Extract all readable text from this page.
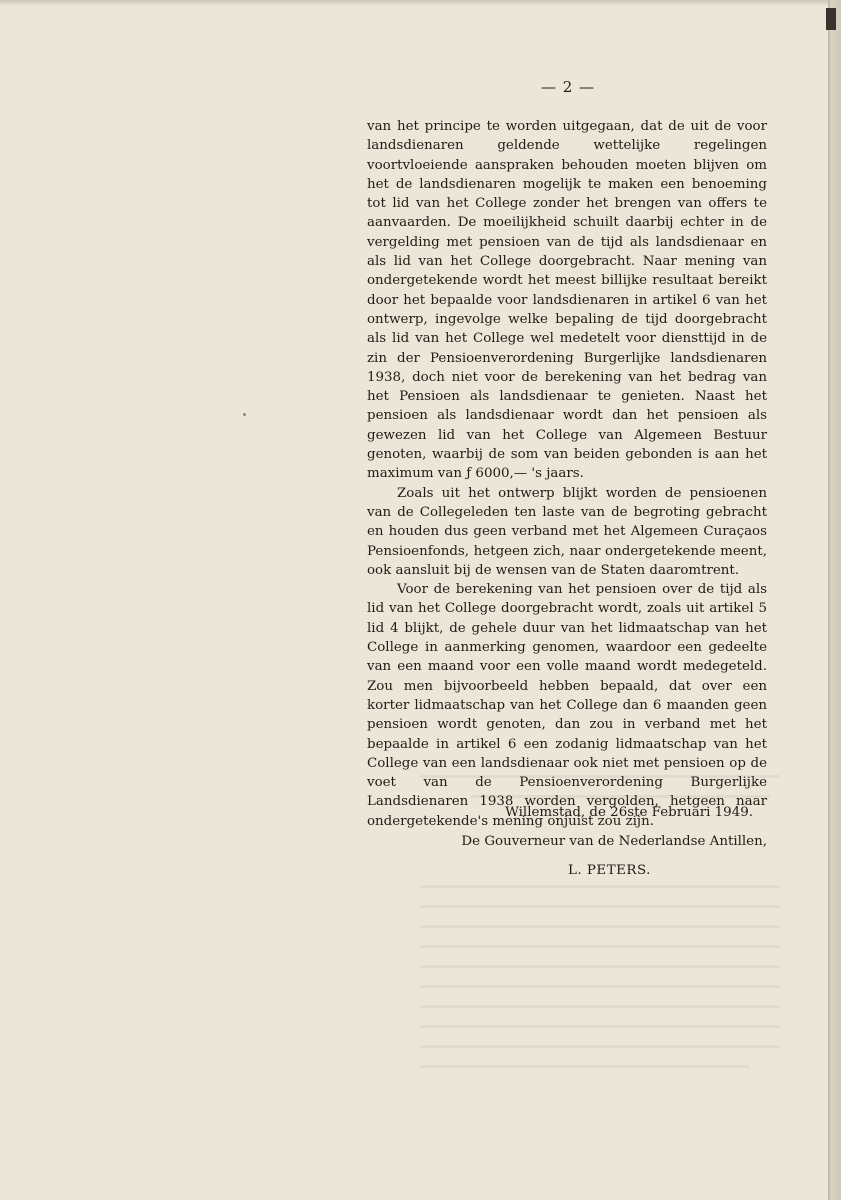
— 2 —

van het principe te worden uitgegaan, dat de uit de voor landsdienaren geldende wettelijke regelingen voortvloeiende aanspraken behouden moeten blijven om het de landsdienaren mogelijk te maken een benoeming tot lid van het College zonder het brengen van offers te aanvaarden. De moeilijkheid schuilt daarbij echter in de vergelding met pensioen van de tijd als landsdienaar en als lid van het College doorgebracht. Naar mening van ondergetekende wordt het meest billijke resultaat bereikt door het bepaalde voor landsdienaren in artikel 6 van het ontwerp, ingevolge welke bepaling de tijd doorgebracht als lid van het College wel medetelt voor diensttijd in de zin der Pensioenverordening Burgerlijke landsdienaren 1938, doch niet voor de berekening van het bedrag van het Pensioen als landsdienaar te genieten. Naast het pensioen als landsdienaar wordt dan het pensioen als gewezen lid van het College van Algemeen Bestuur genoten, waarbij de som van beiden gebonden is aan het maximum van ƒ 6000,— 's jaars.

Zoals uit het ontwerp blijkt worden de pensioenen van de Collegeleden ten laste van de begroting gebracht en houden dus geen verband met het Algemeen Curaçaos Pensioenfonds, hetgeen zich, naar ondergetekende meent, ook aansluit bij de wensen van de Staten daaromtrent.

Voor de berekening van het pensioen over de tijd als lid van het College doorgebracht wordt, zoals uit artikel 5 lid 4 blijkt, de gehele duur van het lidmaatschap van het College in aanmerking genomen, waardoor een gedeelte van een maand voor een volle maand wordt medegeteld. Zou men bijvoorbeeld hebben bepaald, dat over een korter lidmaatschap van het College dan 6 maanden geen pensioen wordt genoten, dan zou in verband met het bepaalde in artikel 6 een zodanig lidmaatschap van het College van een landsdienaar ook niet met pensioen op de voet van de Pensioenverordening Burgerlijke Landsdienaren 1938 worden vergolden, hetgeen naar ondergetekende's mening onjuist zou zijn.

Willemstad, de 26ste Februari 1949.
De Gouverneur van de Nederlandse Antillen,
L. PETERS.
